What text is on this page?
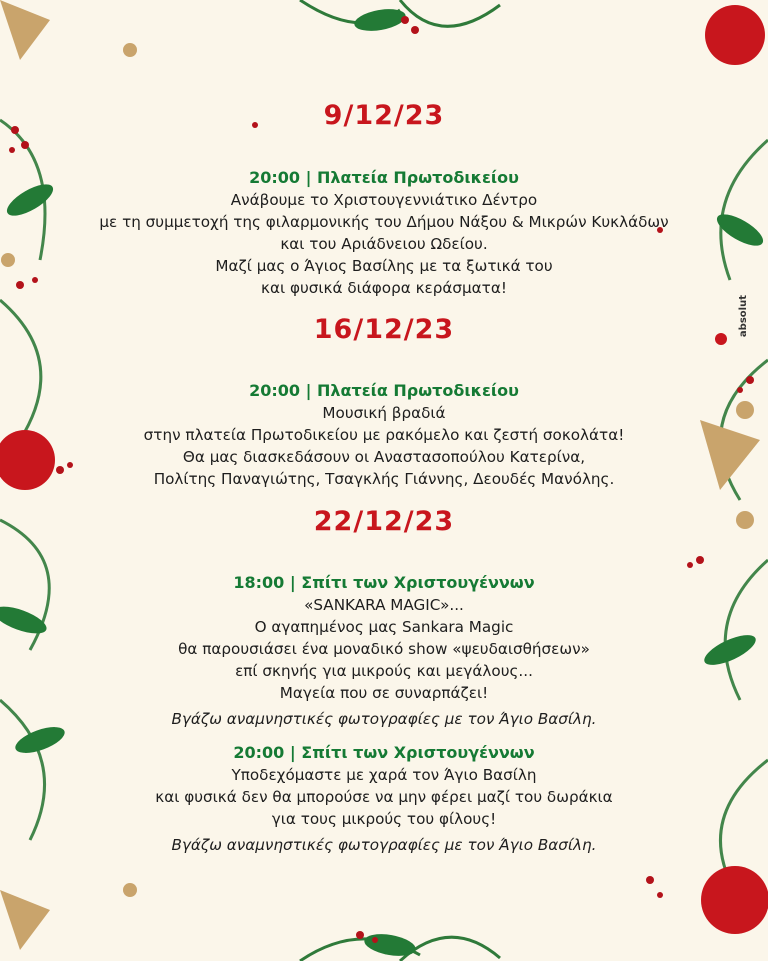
9/12/23
20:00 | Πλατεία Πρωτοδικείου
Ανάβουμε το Χριστουγεννιάτικο Δέντρο
με τη συμμετοχή της φιλαρμονικής του Δήμου Νάξου & Μικρών Κυκλάδων
και του Αριάδνειου Ωδείου.
Μαζί μας ο Άγιος Βασίλης με τα ξωτικά του
και φυσικά διάφορα κεράσματα!
16/12/23
20:00 | Πλατεία Πρωτοδικείου
Μουσική βραδιά
στην πλατεία Πρωτοδικείου με ρακόμελο και ζεστή σοκολάτα!
Θα μας διασκεδάσουν οι Αναστασοπούλου Κατερίνα,
Πολίτης Παναγιώτης, Τσαγκλής Γιάννης, Δεουδές Μανόλης.
22/12/23
18:00 | Σπίτι των Χριστουγέννων
«SANKARA MAGIC»...
Ο αγαπημένος μας Sankara Magic
θα παρουσιάσει ένα μοναδικό show «ψευδαισθήσεων»
επί σκηνής για μικρούς και μεγάλους...
Μαγεία που σε συναρπάζει!
Βγάζω αναμνηστικές φωτογραφίες με τον Άγιο Βασίλη.
20:00 | Σπίτι των Χριστουγέννων
Υποδεχόμαστε με χαρά τον Άγιο Βασίλη
και φυσικά δεν θα μπορούσε να μην φέρει μαζί του δωράκια
για τους μικρούς του φίλους!
Βγάζω αναμνηστικές φωτογραφίες με τον Άγιο Βασίλη.
absolut
